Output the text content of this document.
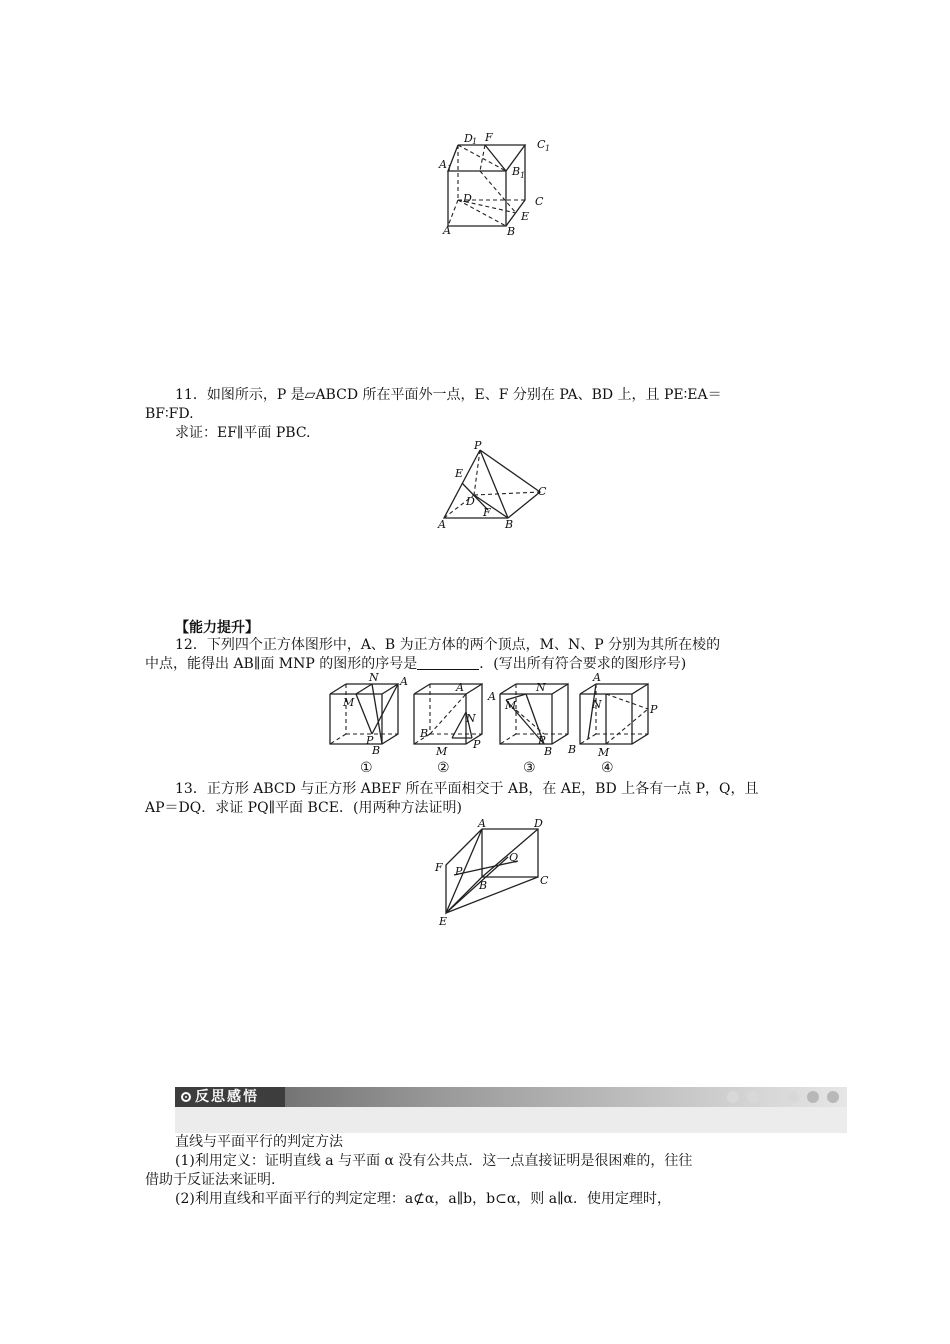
D 1 F
C 1
A 1	B 1
D	C
E
A	B
11．如图所示，P 是▱ABCD 所在平面外一点，E、F 分别在 PA、BD 上，且 PE∶EA＝
BF∶FD.
求证：EF∥平面 PBC.
P
E
C
D
F
A	B
【能力提升】
12．下列四个正方体图形中，A、B 为正方体的两个顶点，M、N、P 分别为其所在棱的
中点，能得出 AB∥面 MNP 的图形的序号是	．(写出所有符合要求的图形序号)
N A
M
P
B
A
N
B
P
M
A
M
N
P
B
A
N	P
B M
①	②	③	④
13．正方形 ABCD 与正方形 ABEF 所在平面相交于 AB，在 AE，BD 上各有一点 P，Q，且
AP＝DQ．求证 PQ∥平面 BCE．(用两种方法证明)
A	D
F P
Q
B	C
E
反思感悟
直线与平面平行的判定方法
(1)利用定义：证明直线 a 与平面 α 没有公共点．这一点直接证明是很困难的，往往
借助于反证法来证明.
(2)利用直线和平面平行的判定定理：a⊄α，a∥b，b⊂α，则 a∥α．使用定理时，
